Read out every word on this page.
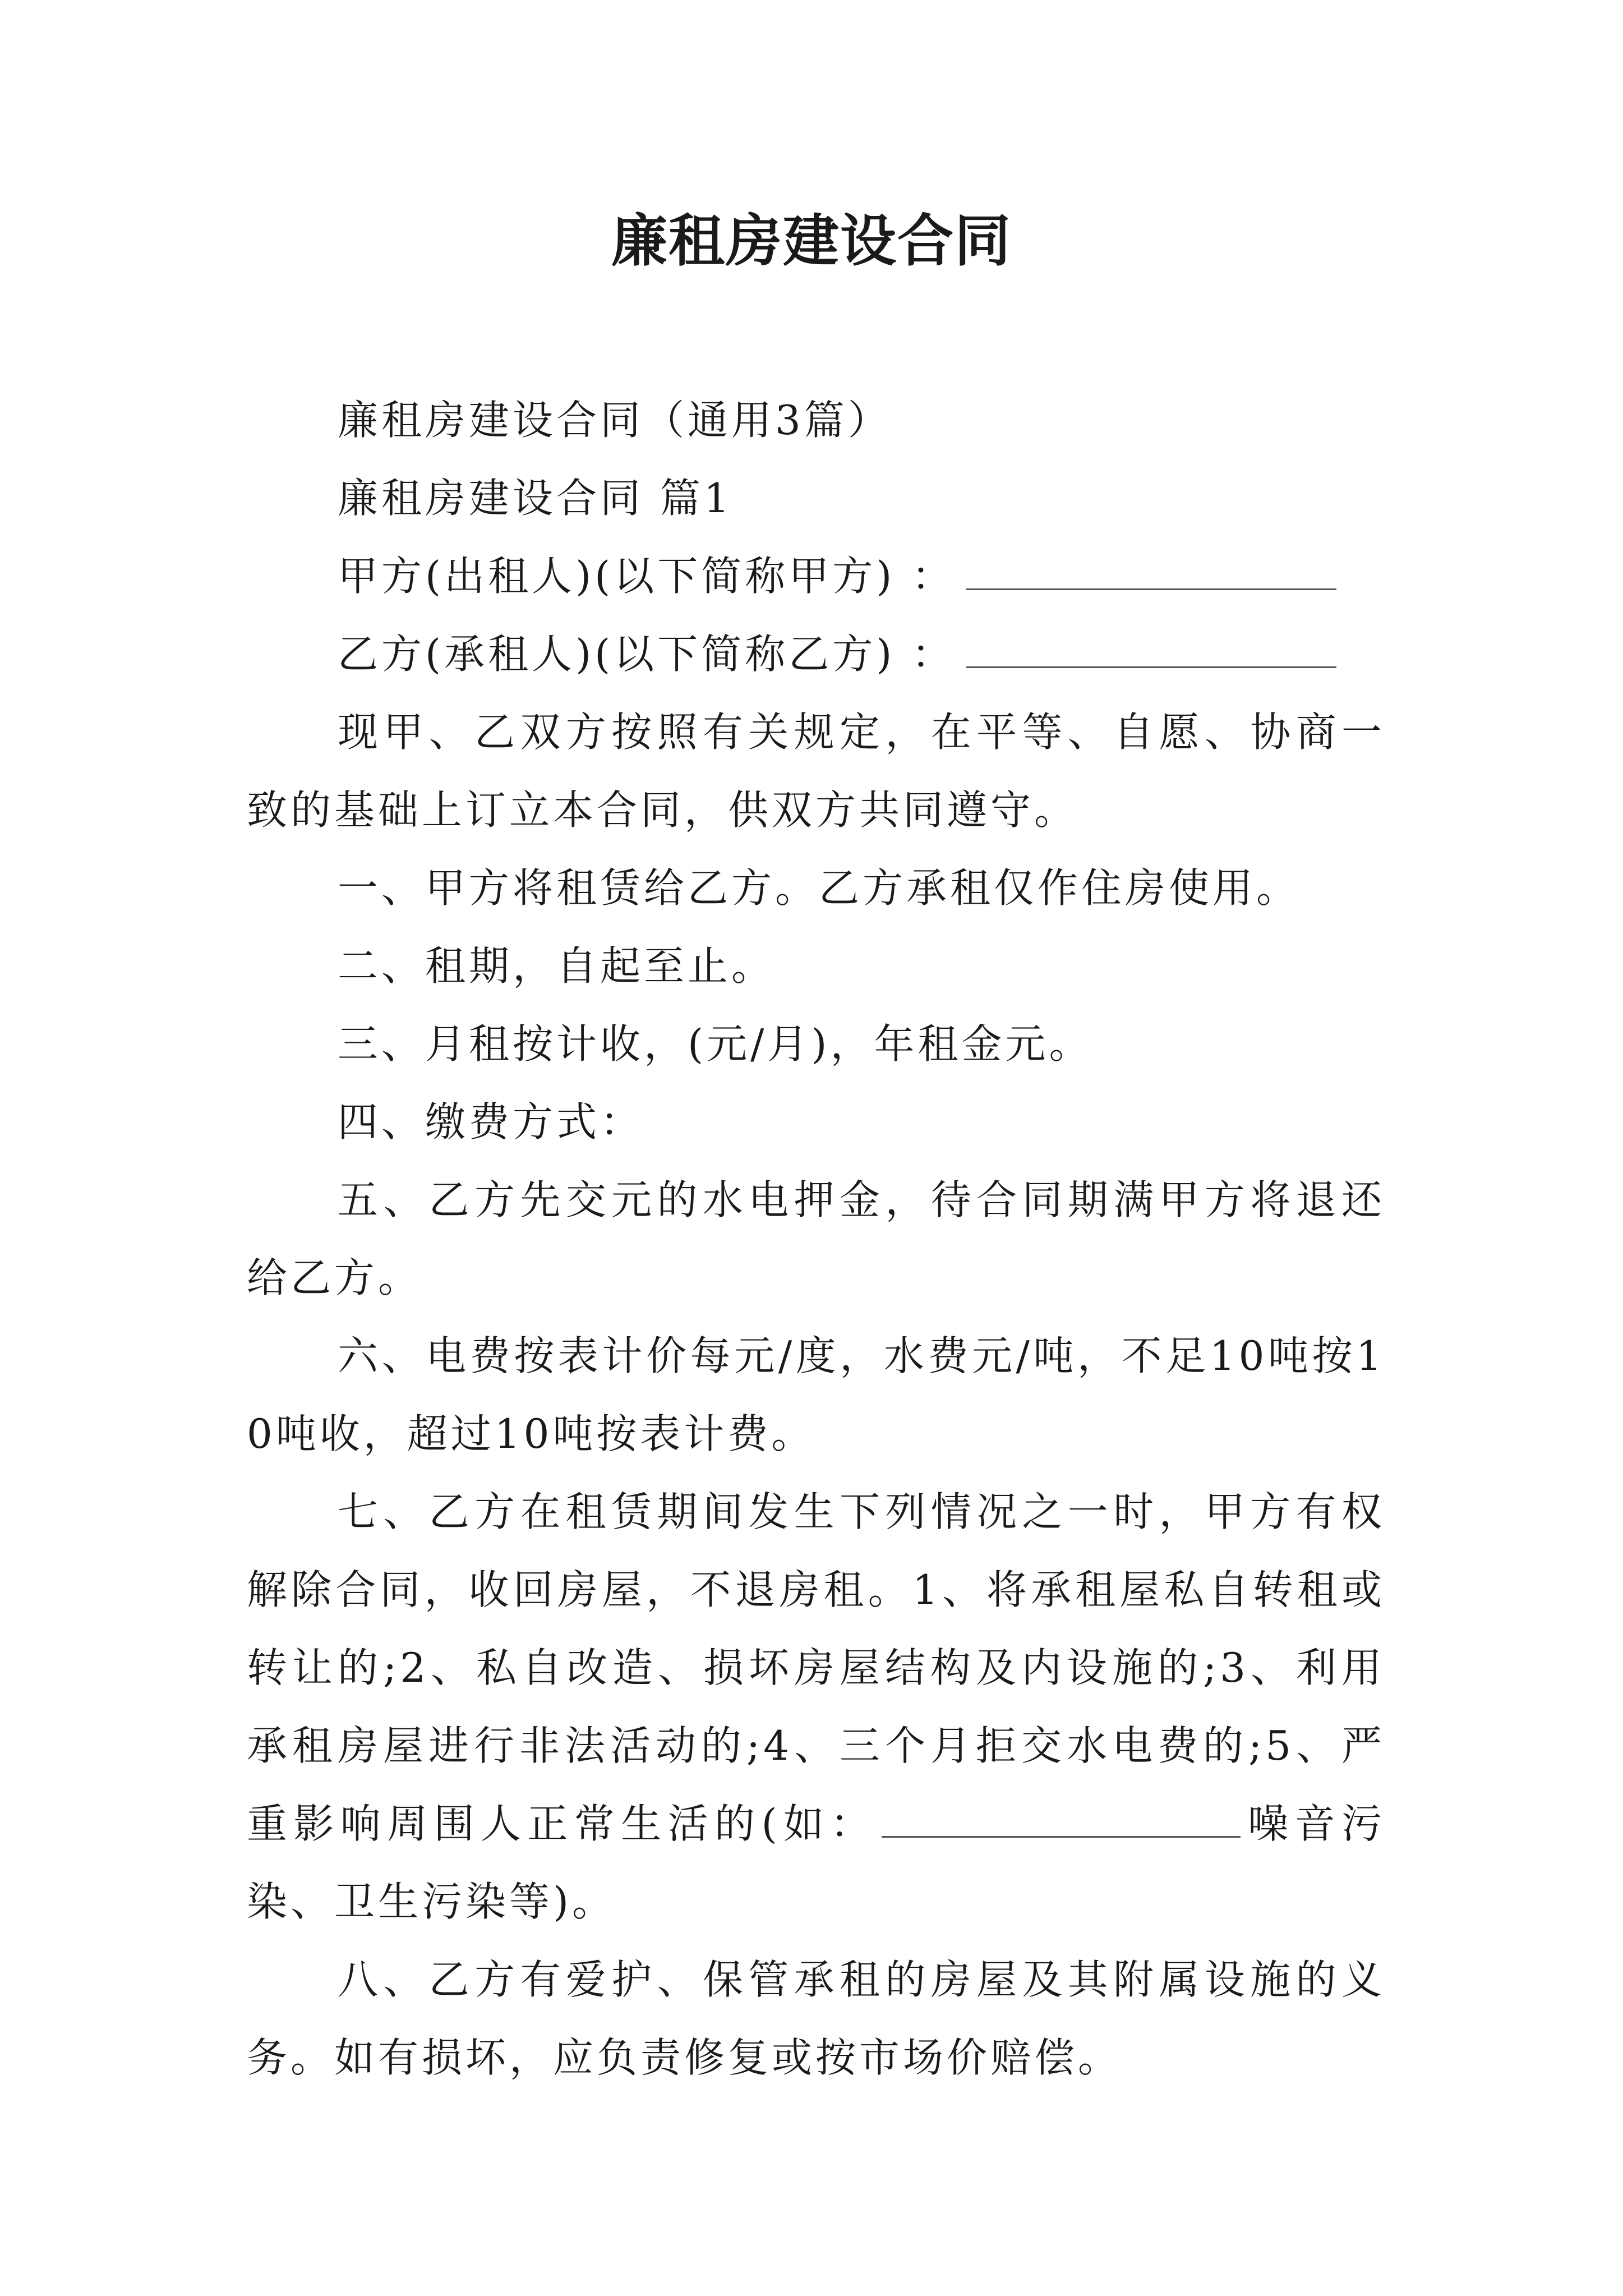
廉租房建设合同

廉租房建设合同（通用3篇）

廉租房建设合同 篇1

甲方(出租人)(以下简称甲方) ：

乙方(承租人)(以下简称乙方) ：

现甲、乙双方按照有关规定，在平等、自愿、协商一致的基础上订立本合同，供双方共同遵守。

一、甲方将租赁给乙方。乙方承租仅作住房使用。

二、租期，自起至止。

三、月租按计收，(元/月)，年租金元。

四、缴费方式：

五、乙方先交元的水电押金，待合同期满甲方将退还给乙方。

六、电费按表计价每元/度，水费元/吨，不足10吨按10吨收，超过10吨按表计费。

七、乙方在租赁期间发生下列情况之一时，甲方有权解除合同，收回房屋，不退房租。1、将承租屋私自转租或转让的;2、私自改造、损坏房屋结构及内设施的;3、利用承租房屋进行非法活动的;4、三个月拒交水电费的;5、严重影响周围人正常生活的(如：	噪音污染、卫生污染等)。

八、乙方有爱护、保管承租的房屋及其附属设施的义务。如有损坏，应负责修复或按市场价赔偿。
